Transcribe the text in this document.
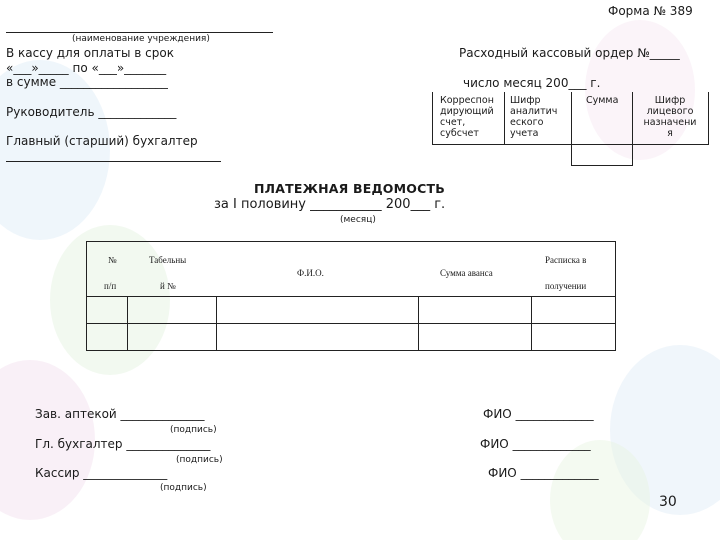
Форма № 389
(наименование учреждения)
В кассу для оплаты в срок
«___»_____ по «___»_______
в сумме __________________
Расходный кассовый ордер №_____
число месяц 200___ г.
Руководитель _____________
Главный (старший) бухгалтер
Корреспон
дирующий
счет,
субсчет
Шифр
аналитич
еского
учета
Сумма	Шифр
лицевого
назначени
я
ПЛАТЕЖНАЯ ВЕДОМОСТЬ
за I половину ___________ 200___ г.
(месяц)
№
п/п
Табельны
й №
Ф.И.О.	Сумма аванса
Расписка в
получении
Зав. аптекой ______________
(подпись)
Гл. бухгалтер ______________
(подпись)
Кассир ______________
(подпись)
ФИО _____________
ФИО _____________
ФИО _____________
30
